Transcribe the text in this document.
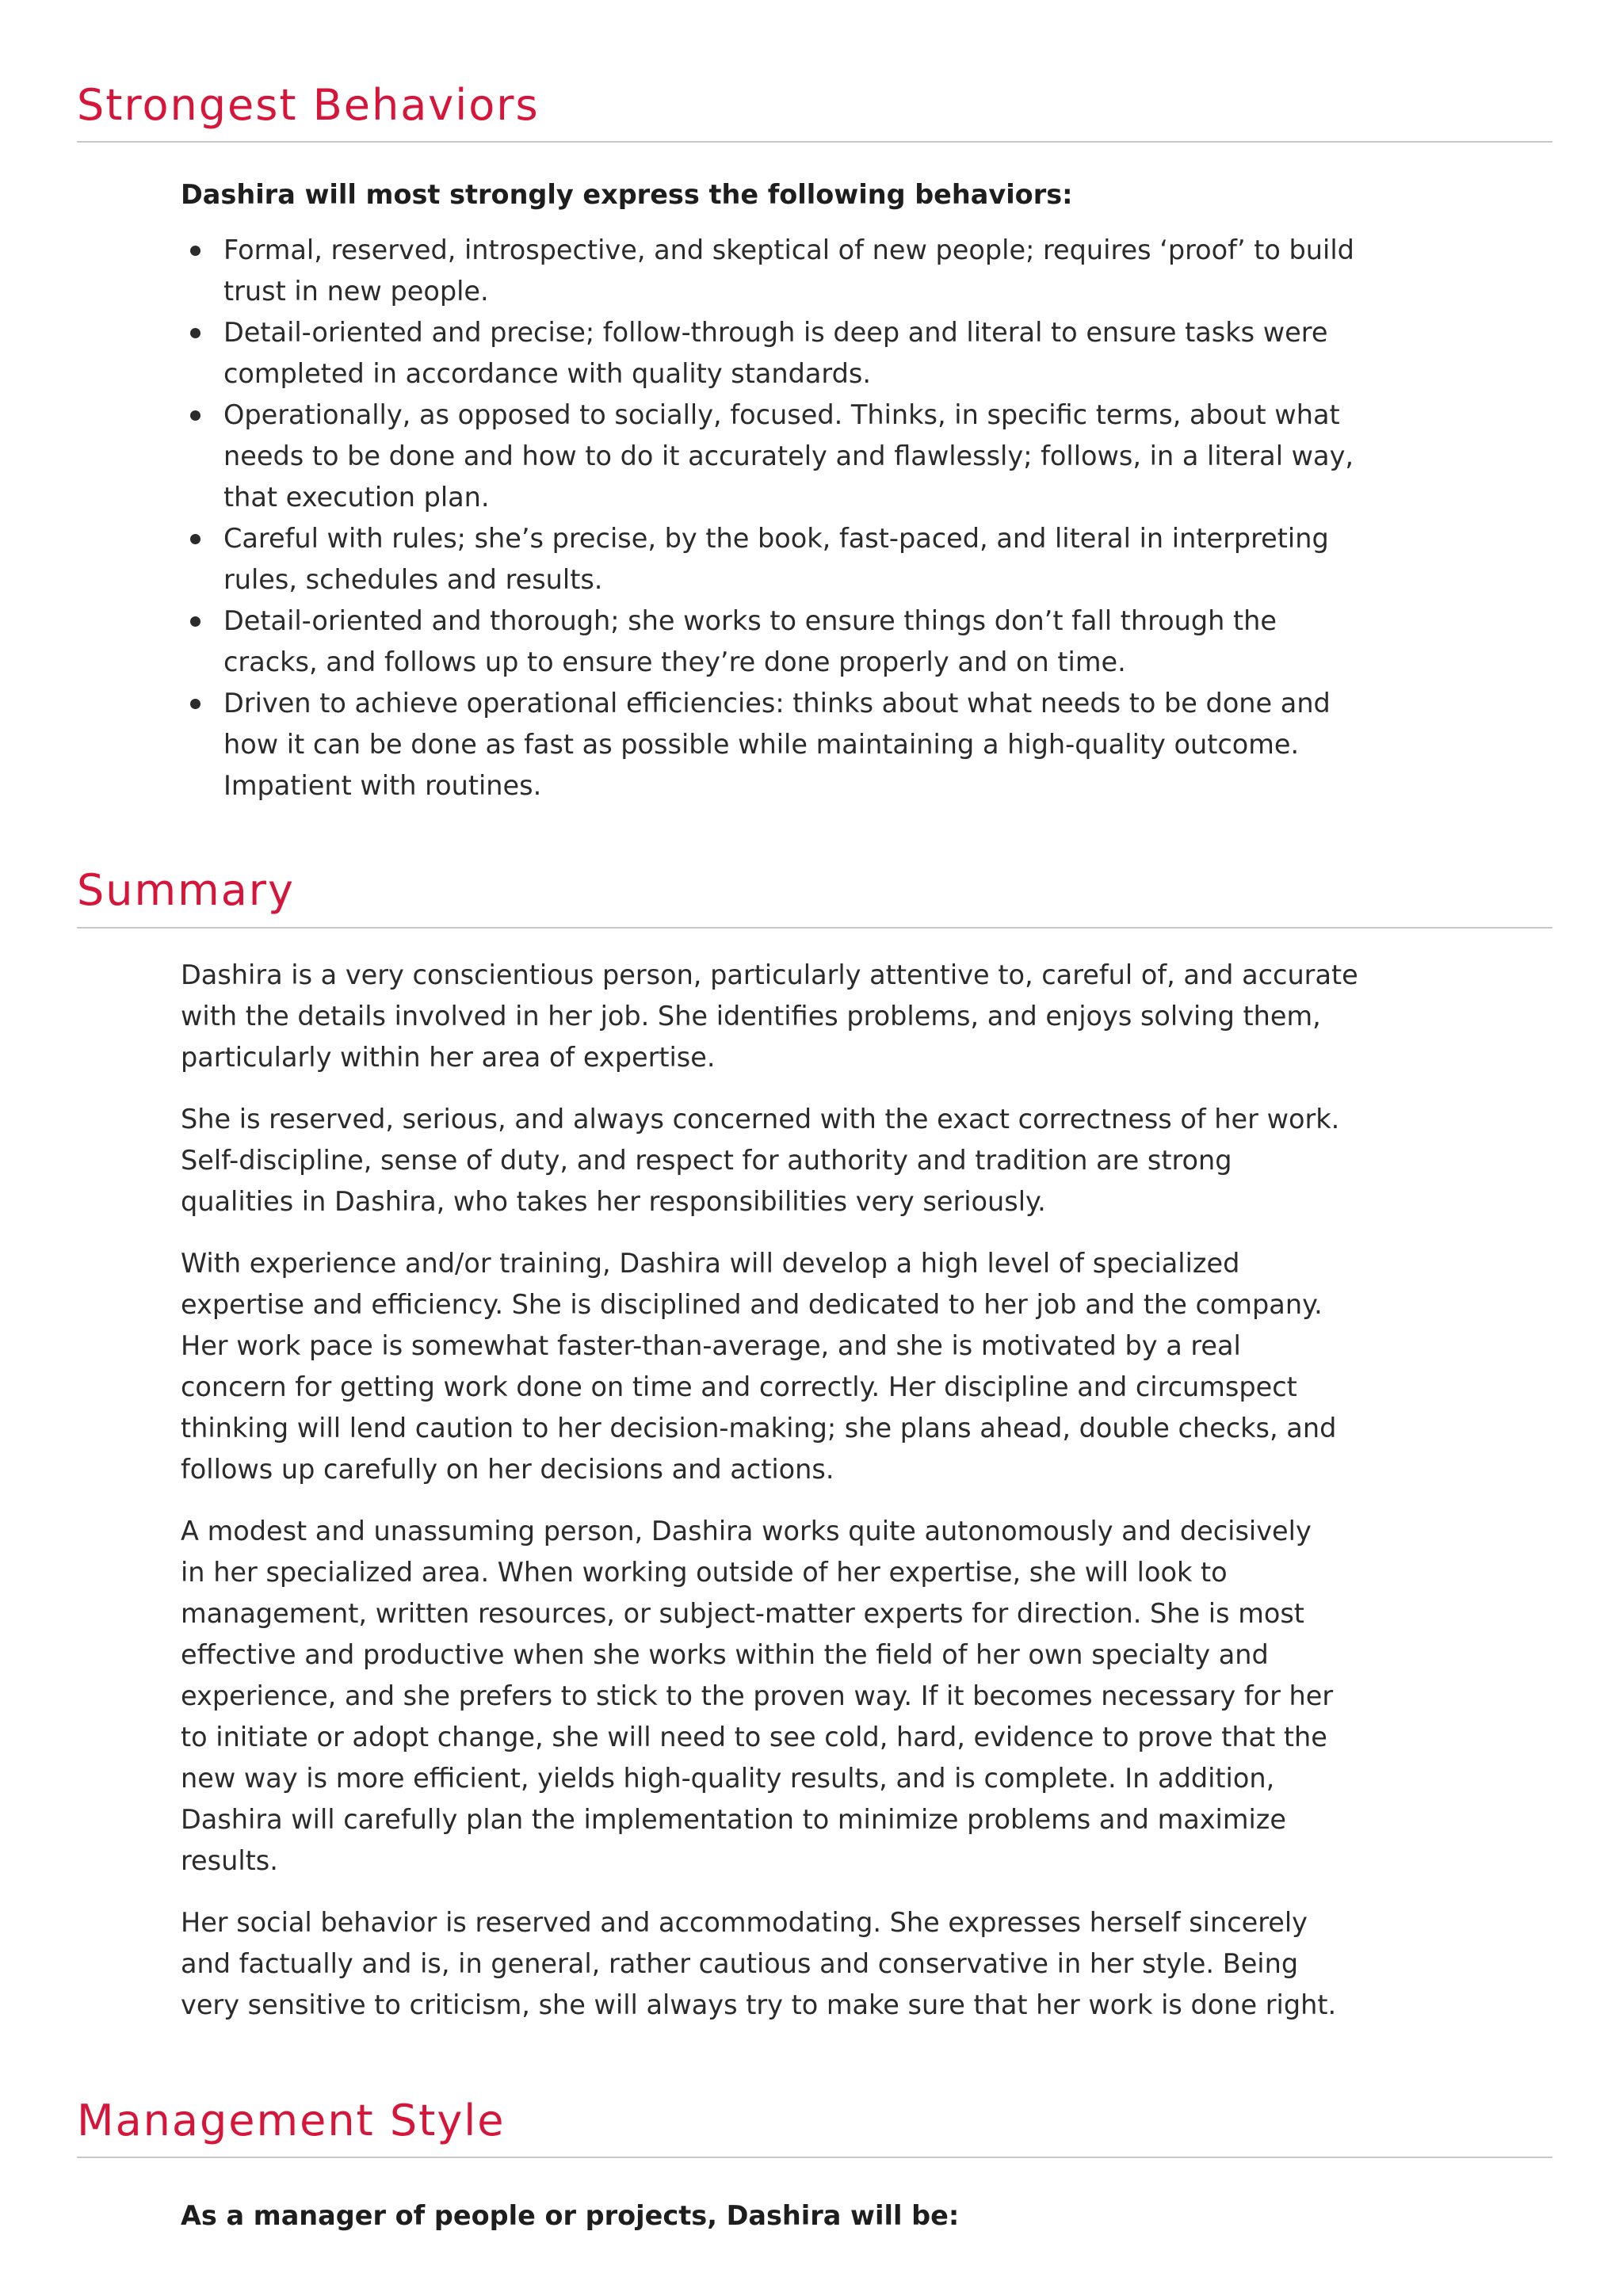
Strongest Behaviors

Dashira will most strongly express the following behaviors:

Formal, reserved, introspective, and skeptical of new people; requires ‘proof’ to build
trust in new people.
Detail-oriented and precise; follow-through is deep and literal to ensure tasks were
completed in accordance with quality standards.
Operationally, as opposed to socially, focused. Thinks, in specific terms, about what
needs to be done and how to do it accurately and flawlessly; follows, in a literal way,
that execution plan.
Careful with rules; she’s precise, by the book, fast-paced, and literal in interpreting
rules, schedules and results.
Detail-oriented and thorough; she works to ensure things don’t fall through the
cracks, and follows up to ensure they’re done properly and on time.
Driven to achieve operational efficiencies: thinks about what needs to be done and
how it can be done as fast as possible while maintaining a high-quality outcome.
Impatient with routines.
Summary

Dashira is a very conscientious person, particularly attentive to, careful of, and accurate
with the details involved in her job. She identifies problems, and enjoys solving them,
particularly within her area of expertise.

She is reserved, serious, and always concerned with the exact correctness of her work.
Self-discipline, sense of duty, and respect for authority and tradition are strong
qualities in Dashira, who takes her responsibilities very seriously.

With experience and/or training, Dashira will develop a high level of specialized
expertise and efficiency. She is disciplined and dedicated to her job and the company.
Her work pace is somewhat faster-than-average, and she is motivated by a real
concern for getting work done on time and correctly. Her discipline and circumspect
thinking will lend caution to her decision-making; she plans ahead, double checks, and
follows up carefully on her decisions and actions.

A modest and unassuming person, Dashira works quite autonomously and decisively
in her specialized area. When working outside of her expertise, she will look to
management, written resources, or subject-matter experts for direction. She is most
effective and productive when she works within the field of her own specialty and
experience, and she prefers to stick to the proven way. If it becomes necessary for her
to initiate or adopt change, she will need to see cold, hard, evidence to prove that the
new way is more efficient, yields high-quality results, and is complete. In addition,
Dashira will carefully plan the implementation to minimize problems and maximize
results.

Her social behavior is reserved and accommodating. She expresses herself sincerely
and factually and is, in general, rather cautious and conservative in her style. Being
very sensitive to criticism, she will always try to make sure that her work is done right.

Management Style

As a manager of people or projects, Dashira will be:
